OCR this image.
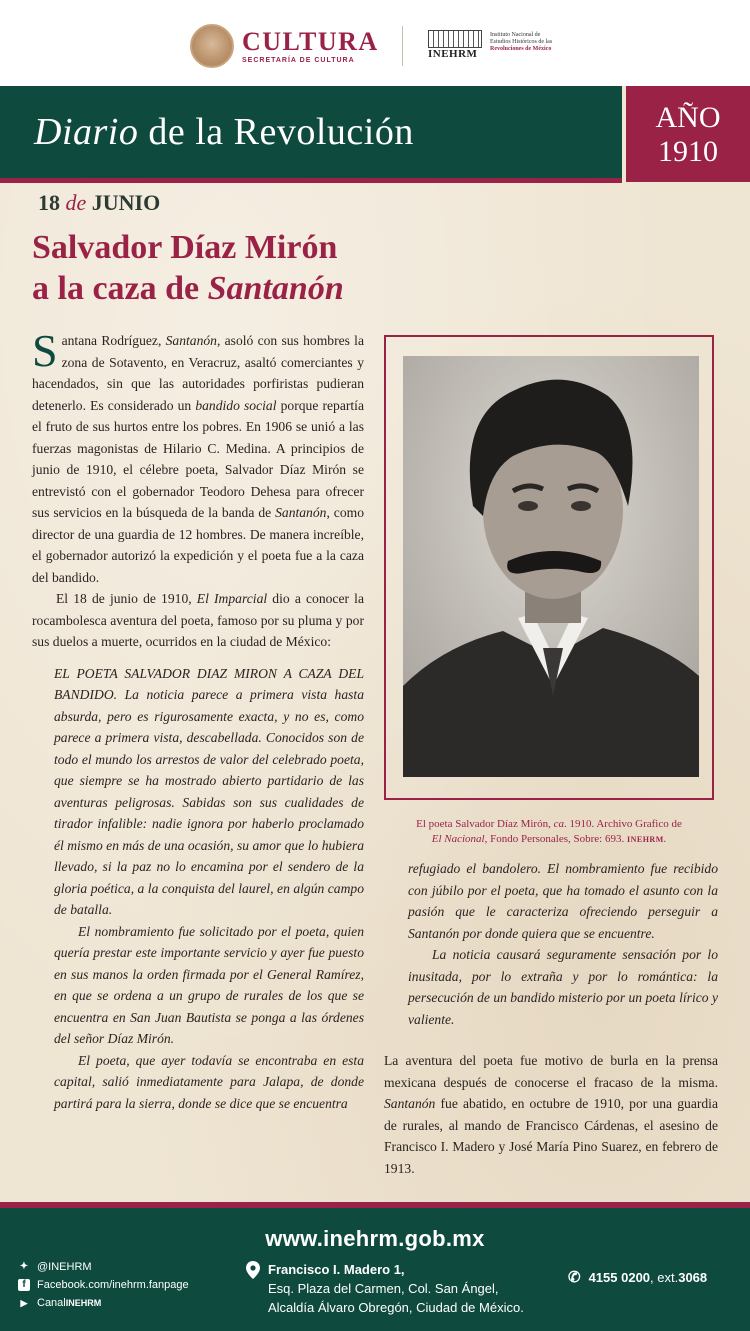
CULTURA
SECRETARÍA DE CULTURA	INEHRM
Instituto Nacional de
Estudios Históricos de las
Revoluciones de México
Diario de la Revolución	AÑO
1910
18 de JUNIO
Salvador Díaz Mirón
a la caza de Santanón

Santana Rodríguez, Santanón, asoló con sus hombres la zona de Sotavento, en Veracruz, asaltó comerciantes y hacendados, sin que las autoridades porfiristas pudieran detenerlo. Es considerado un bandido social porque repartía el fruto de sus hurtos entre los pobres. En 1906 se unió a las fuerzas magonistas de Hilario C. Medina. A principios de junio de 1910, el célebre poeta, Salvador Díaz Mirón se entrevistó con el gobernador Teodoro Dehesa para ofrecer sus servicios en la búsqueda de la banda de Santanón, como director de una guardia de 12 hombres. De manera increíble, el gobernador autorizó la expedición y el poeta fue a la caza del bandido.

El 18 de junio de 1910, El Imparcial dio a conocer la rocambolesca aventura del poeta, famoso por su pluma y por sus duelos a muerte, ocurridos en la ciudad de México:

EL POETA SALVADOR DIAZ MIRON A CAZA DEL BANDIDO. La noticia parece a primera vista hasta absurda, pero es rigurosamente exacta, y no es, como parece a primera vista, descabellada. Conocidos son de todo el mundo los arrestos de valor del celebrado poeta, que siempre se ha mostrado abierto partidario de las aventuras peligrosas. Sabidas son sus cualidades de tirador infalible: nadie ignora por haberlo proclamado él mismo en más de una ocasión, su amor que lo hubiera llevado, si la paz no lo encamina por el sendero de la gloria poética, a la conquista del laurel, en algún campo de batalla.

El nombramiento fue solicitado por el poeta, quien quería prestar este importante servicio y ayer fue puesto en sus manos la orden firmada por el General Ramírez, en que se ordena a un grupo de rurales de los que se encuentra en San Juan Bautista se ponga a las órdenes del señor Díaz Mirón.

El poeta, que ayer todavía se encontraba en esta capital, salió inmediatamente para Jalapa, de donde partirá para la sierra, donde se dice que se encuentra

El poeta Salvador Díaz Mirón, ca. 1910. Archivo Grafico de
El Nacional, Fondo Personales, Sobre: 693. INEHRM.

refugiado el bandolero. El nombramiento fue recibido con júbilo por el poeta, que ha tomado el asunto con la pasión que le caracteriza ofreciendo perseguir a Santanón por donde quiera que se encuentre.

La noticia causará seguramente sensación por lo inusitada, por lo extraña y por lo romántica: la persecución de un bandido misterio por un poeta lírico y valiente.

La aventura del poeta fue motivo de burla en la prensa mexicana después de conocerse el fracaso de la misma. Santanón fue abatido, en octubre de 1910, por una guardia de rurales, al mando de Francisco Cárdenas, el asesino de Francisco I. Madero y José María Pino Suarez, en febrero de 1913.

www.inehrm.gob.mx
✦ @INEHRM
f	Facebook.com/inehrm.fanpage
▶ Canal INEHRM
Francisco I. Madero 1,
Esq. Plaza del Carmen, Col. San Ángel,
Alcaldía Álvaro Obregón, Ciudad de México.
✆ 4155 0200 , ext. 3068
